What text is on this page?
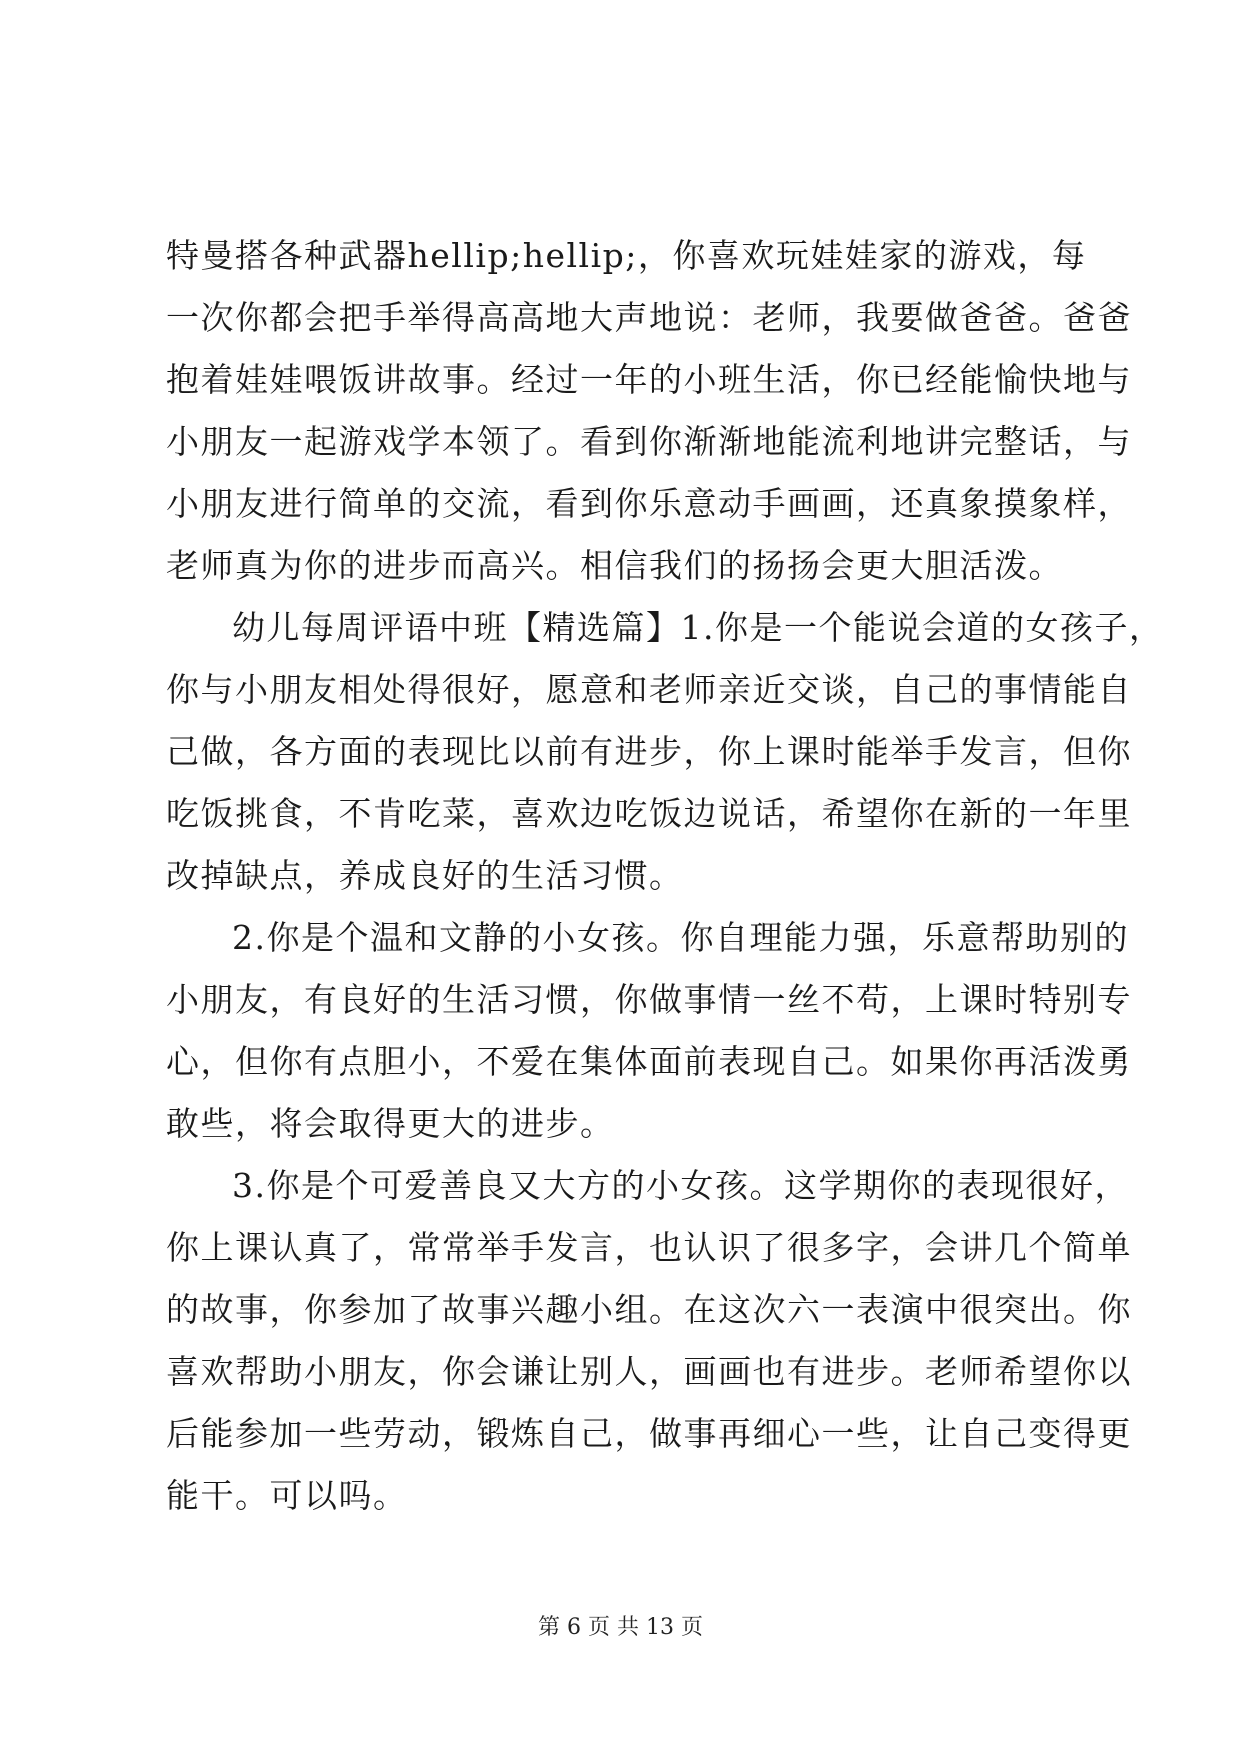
特曼搭各种武器hellip;hellip;，你喜欢玩娃娃家的游戏，每
一次你都会把手举得高高地大声地说：老师，我要做爸爸。爸爸
抱着娃娃喂饭讲故事。经过一年的小班生活，你已经能愉快地与
小朋友一起游戏学本领了。看到你渐渐地能流利地讲完整话，与
小朋友进行简单的交流，看到你乐意动手画画，还真象摸象样，
老师真为你的进步而高兴。相信我们的扬扬会更大胆活泼。
幼儿每周评语中班【精选篇】1.你是一个能说会道的女孩子，
你与小朋友相处得很好，愿意和老师亲近交谈，自己的事情能自
己做，各方面的表现比以前有进步，你上课时能举手发言，但你
吃饭挑食，不肯吃菜，喜欢边吃饭边说话，希望你在新的一年里
改掉缺点，养成良好的生活习惯。
2.你是个温和文静的小女孩。你自理能力强，乐意帮助别的
小朋友，有良好的生活习惯，你做事情一丝不苟，上课时特别专
心，但你有点胆小，不爱在集体面前表现自己。如果你再活泼勇
敢些，将会取得更大的进步。
3.你是个可爱善良又大方的小女孩。这学期你的表现很好，
你上课认真了，常常举手发言，也认识了很多字，会讲几个简单
的故事，你参加了故事兴趣小组。在这次六一表演中很突出。你
喜欢帮助小朋友，你会谦让别人，画画也有进步。老师希望你以
后能参加一些劳动，锻炼自己，做事再细心一些，让自己变得更
能干。可以吗。
第 6 页 共 13 页
